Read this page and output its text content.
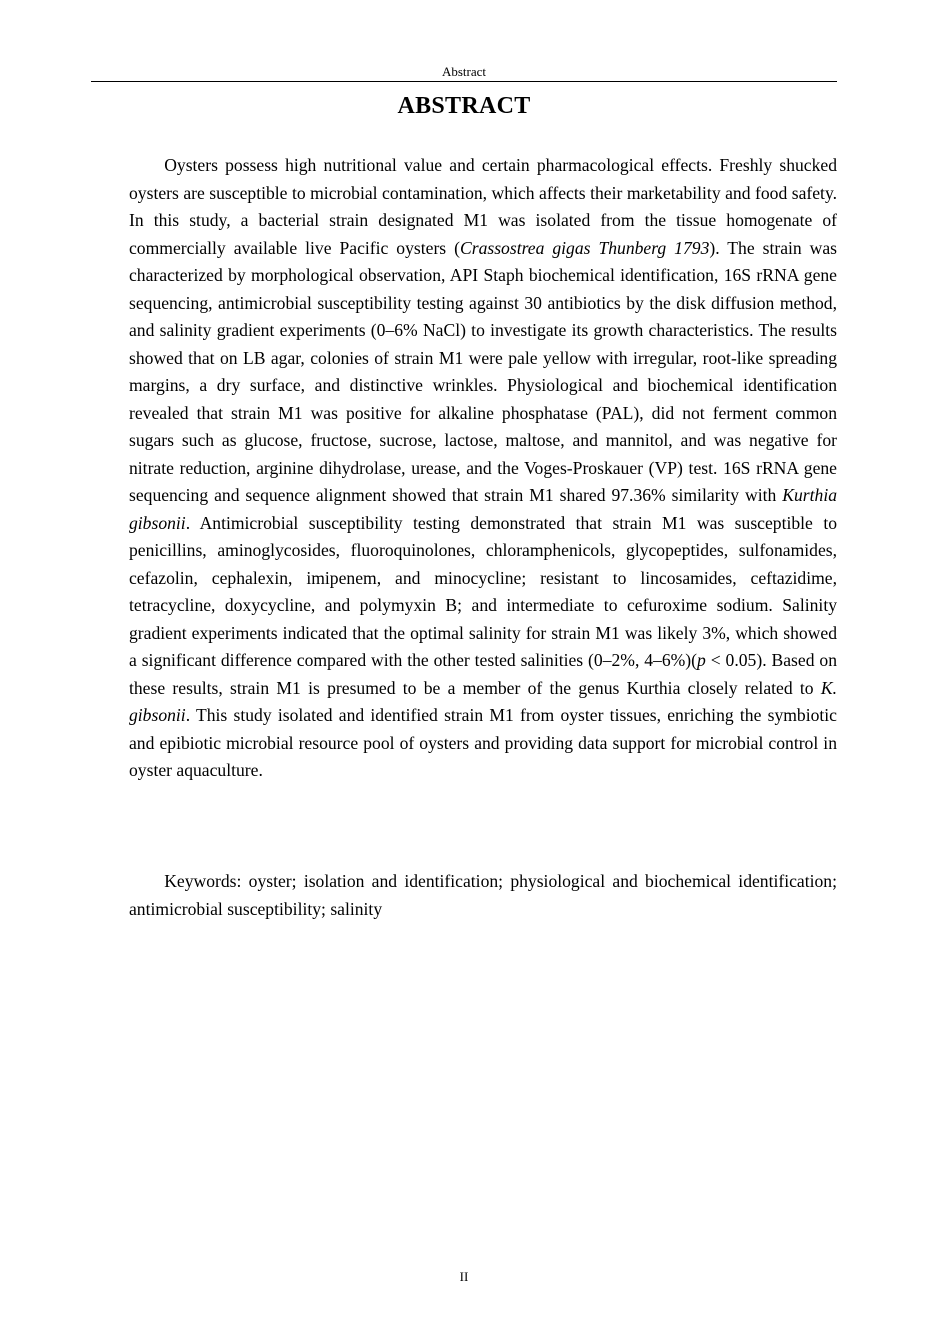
Abstract
ABSTRACT

Oysters possess high nutritional value and certain pharmacological effects. Freshly shucked oysters are susceptible to microbial contamination, which affects their marketability and food safety. In this study, a bacterial strain designated M1 was isolated from the tissue homogenate of commercially available live Pacific oysters (Crassostrea gigas Thunberg 1793). The strain was characterized by morphological observation, API Staph biochemical identification, 16S rRNA gene sequencing, antimicrobial susceptibility testing against 30 antibiotics by the disk diffusion method, and salinity gradient experiments (0–6% NaCl) to investigate its growth characteristics. The results showed that on LB agar, colonies of strain M1 were pale yellow with irregular, root-like spreading margins, a dry surface, and distinctive wrinkles. Physiological and biochemical identification revealed that strain M1 was positive for alkaline phosphatase (PAL), did not ferment common sugars such as glucose, fructose, sucrose, lactose, maltose, and mannitol, and was negative for nitrate reduction, arginine dihydrolase, urease, and the Voges-Proskauer (VP) test. 16S rRNA gene sequencing and sequence alignment showed that strain M1 shared 97.36% similarity with Kurthia gibsonii. Antimicrobial susceptibility testing demonstrated that strain M1 was susceptible to penicillins, aminoglycosides, fluoroquinolones, chloramphenicols, glycopeptides, sulfonamides, cefazolin, cephalexin, imipenem, and minocycline; resistant to lincosamides, ceftazidime, tetracycline, doxycycline, and polymyxin B; and intermediate to cefuroxime sodium. Salinity gradient experiments indicated that the optimal salinity for strain M1 was likely 3%, which showed a significant difference compared with the other tested salinities (0–2%, 4–6%)(p < 0.05). Based on these results, strain M1 is presumed to be a member of the genus Kurthia closely related to K. gibsonii. This study isolated and identified strain M1 from oyster tissues, enriching the symbiotic and epibiotic microbial resource pool of oysters and providing data support for microbial control in oyster aquaculture.

Keywords: oyster; isolation and identification; physiological and biochemical identification; antimicrobial susceptibility; salinity

II
